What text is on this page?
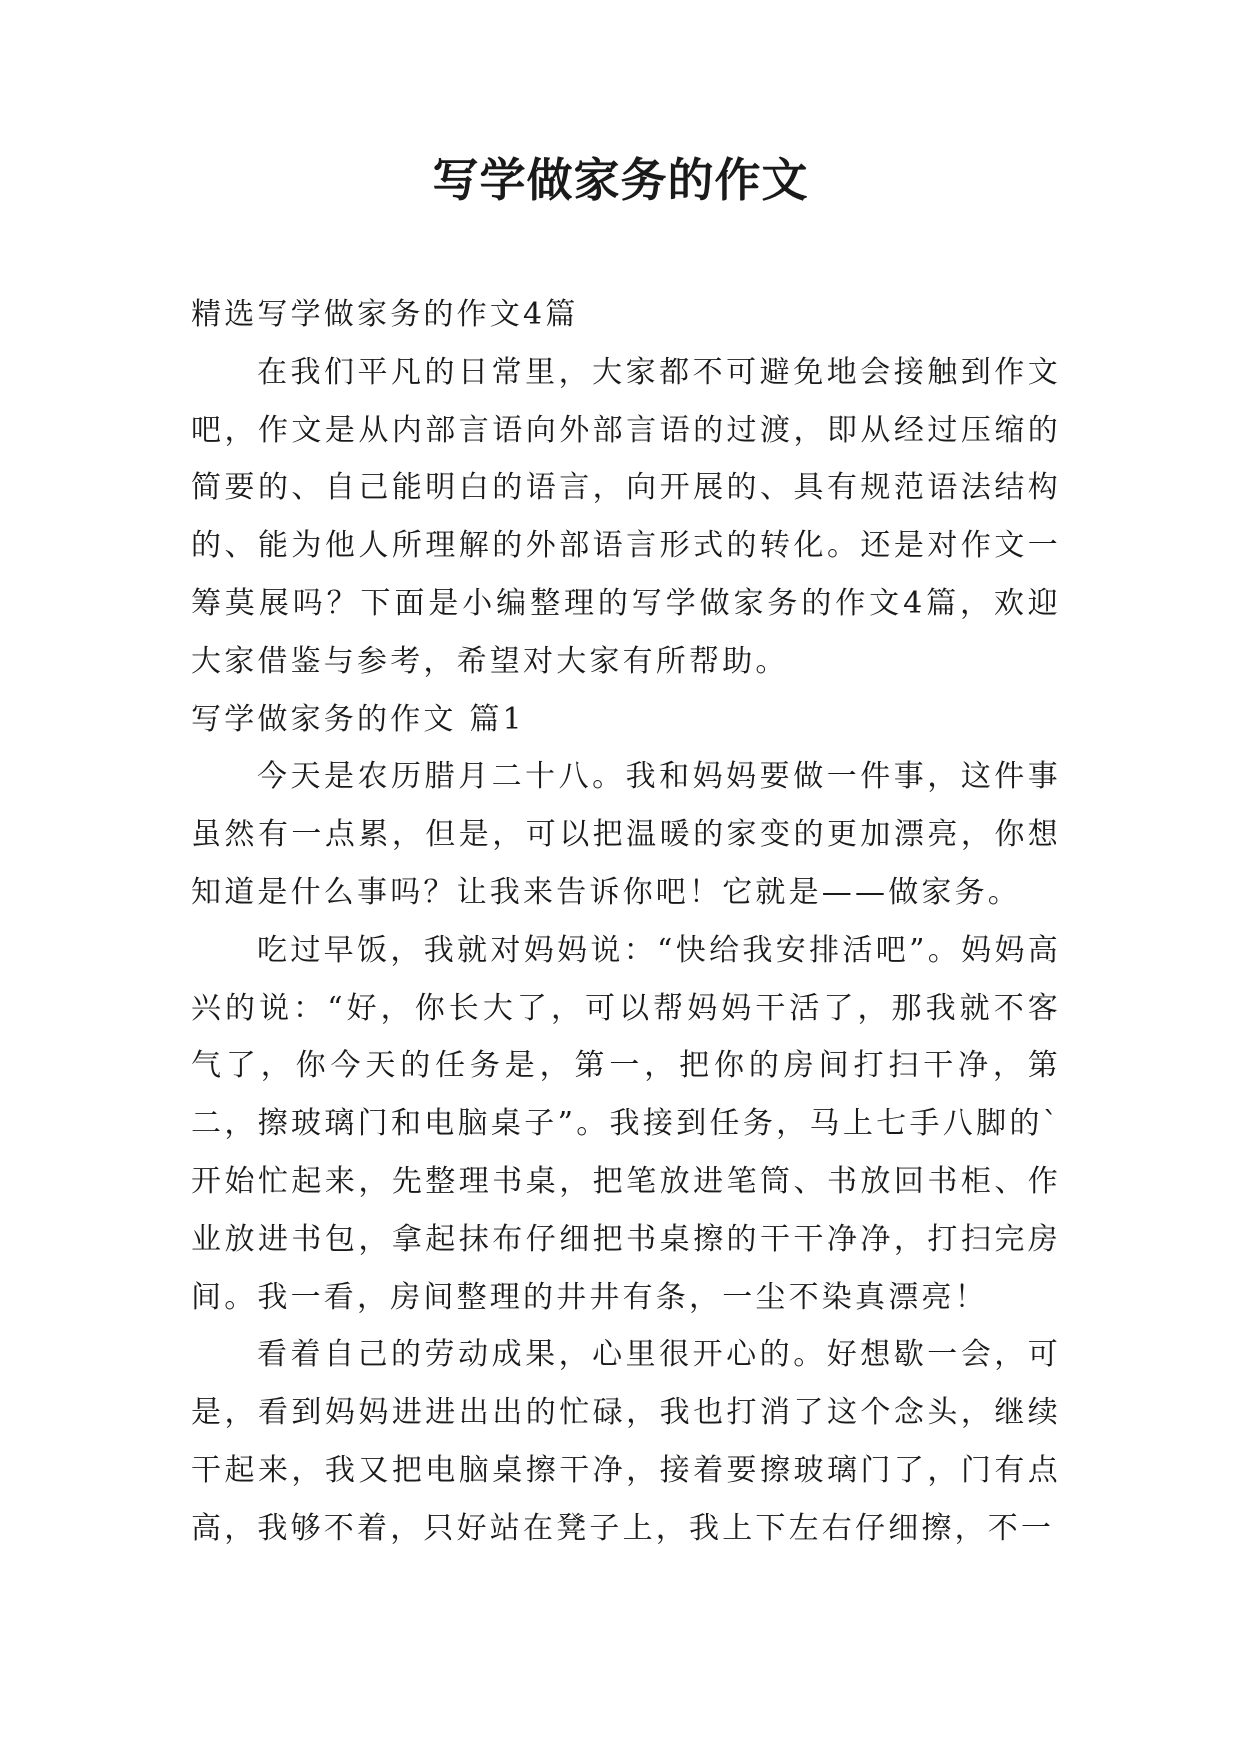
写学做家务的作文

精选写学做家务的作文4篇

在我们平凡的日常里，大家都不可避免地会接触到作文吧，作文是从内部言语向外部言语的过渡，即从经过压缩的简要的、自己能明白的语言，向开展的、具有规范语法结构的、能为他人所理解的外部语言形式的转化。还是对作文一筹莫展吗？下面是小编整理的写学做家务的作文4篇，欢迎大家借鉴与参考，希望对大家有所帮助。

写学做家务的作文 篇1

今天是农历腊月二十八。我和妈妈要做一件事，这件事虽然有一点累，但是，可以把温暖的家变的更加漂亮，你想知道是什么事吗？让我来告诉你吧！它就是——做家务。

吃过早饭，我就对妈妈说：“快给我安排活吧”。妈妈高兴的说：“好，你长大了，可以帮妈妈干活了，那我就不客气了，你今天的任务是，第一，把你的房间打扫干净，第二，擦玻璃门和电脑桌子”。我接到任务，马上七手八脚的`开始忙起来，先整理书桌，把笔放进笔筒、书放回书柜、作业放进书包，拿起抹布仔细把书桌擦的干干净净，打扫完房间。我一看，房间整理的井井有条，一尘不染真漂亮！

看着自己的劳动成果，心里很开心的。好想歇一会，可是，看到妈妈进进出出的忙碌，我也打消了这个念头，继续干起来，我又把电脑桌擦干净，接着要擦玻璃门了，门有点高，我够不着，只好站在凳子上，我上下左右仔细擦，不一
